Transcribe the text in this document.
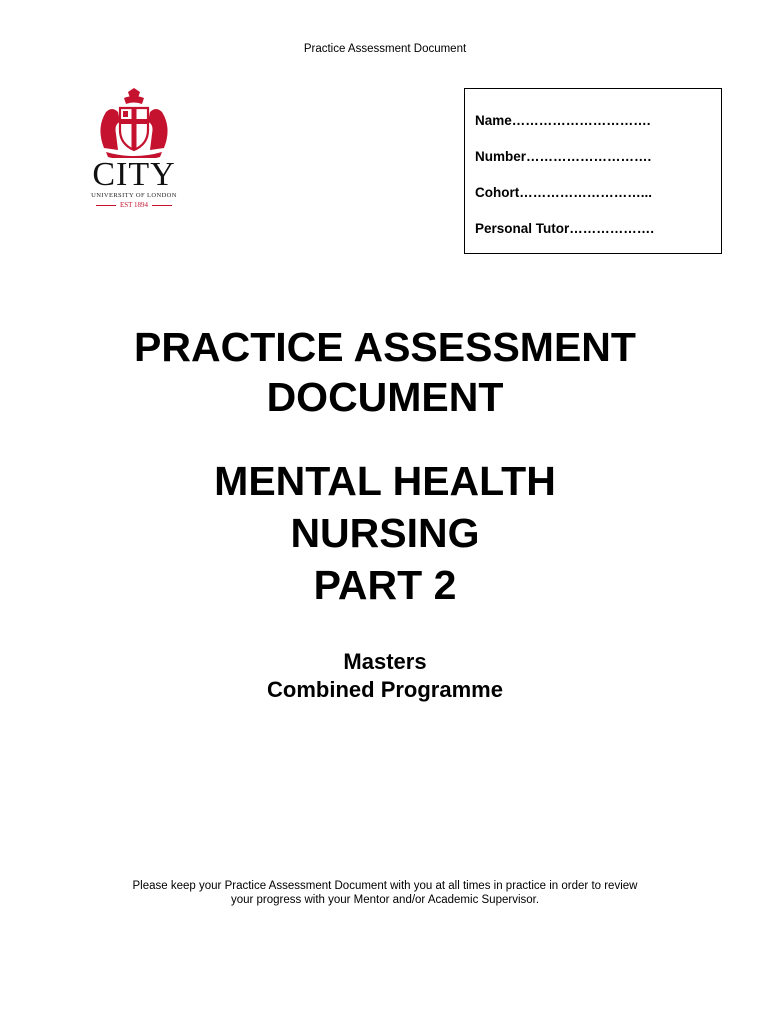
Practice Assessment Document
CITY
UNIVERSITY OF LONDON
EST 1894
Name………………………….
Number……………………….
Cohort………………………...
Personal Tutor……………….
PRACTICE ASSESSMENT
DOCUMENT
MENTAL HEALTH
NURSING
PART 2
Masters
Combined Programme
Please keep your Practice Assessment Document with you at all times in practice in order to review
your progress with your Mentor and/or Academic Supervisor.
